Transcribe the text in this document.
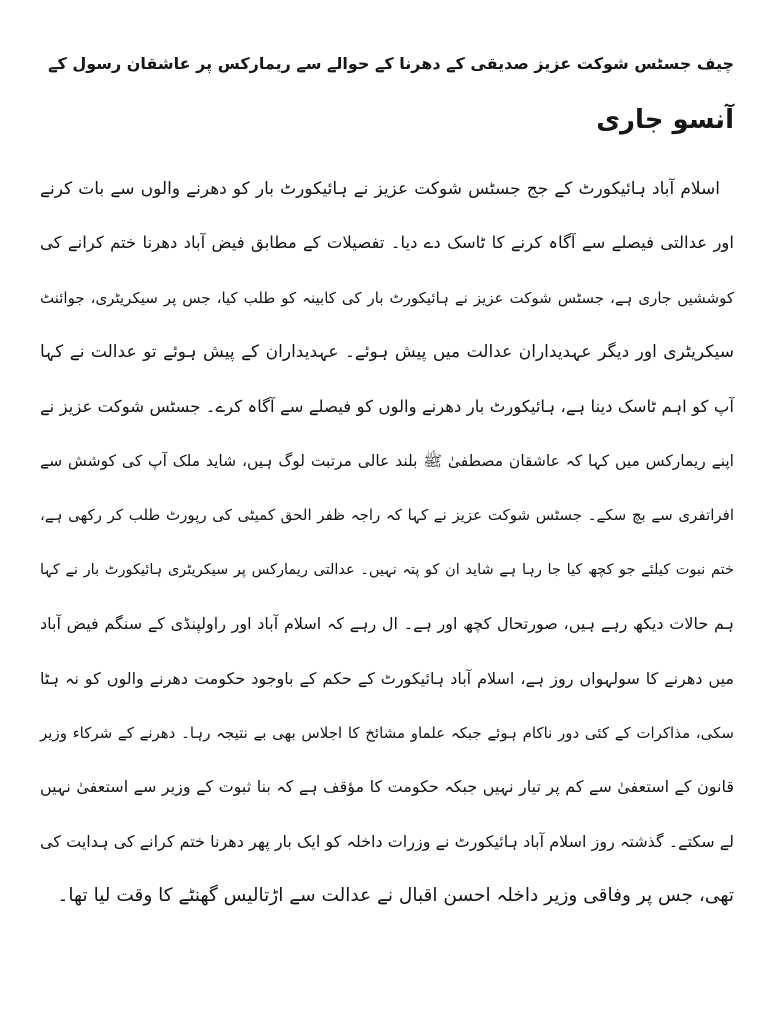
چیف جسٹس شوکت عزیز صدیقی کے دھرنا کے حوالے سے ریمارکس پر عاشقان رسول کے
آنسو جاری
اسلام آباد ہائیکورٹ کے جج جسٹس شوکت عزیز نے ہائیکورٹ بار کو دھرنے والوں سے بات کرنے
اور عدالتی فیصلے سے آگاہ کرنے کا ٹاسک دے دیا۔ تفصیلات کے مطابق فیض آباد دھرنا ختم کرانے کی
کوششیں جاری ہے، جسٹس شوکت عزیز نے ہائیکورٹ بار کی کابینہ کو طلب کیا، جس پر سیکریٹری، جوائنٹ
سیکریٹری اور دیگر عہدیداران عدالت میں پیش ہوئے۔ عہدیداران کے پیش ہوئے تو عدالت نے کہا
آپ کو اہم ٹاسک دینا ہے، ہائیکورٹ بار دھرنے والوں کو فیصلے سے آگاہ کرے۔ جسٹس شوکت عزیز نے
اپنے ریمارکس میں کہا کہ عاشقان مصطفیٰ ﷺ بلند عالی مرتبت لوگ ہیں، شاید ملک آپ کی کوشش سے
افراتفری سے بچ سکے۔ جسٹس شوکت عزیز نے کہا کہ راجہ ظفر الحق کمیٹی کی رپورٹ طلب کر رکھی ہے،
ختم نبوت کیلئے جو کچھ کیا جا رہا ہے شاید ان کو پتہ نہیں۔ عدالتی ریمارکس پر سیکریٹری ہائیکورٹ بار نے کہا
ہم حالات دیکھ رہے ہیں، صورتحال کچھ اور ہے۔ ال رہے کہ اسلام آباد اور راولپنڈی کے سنگم فیض آباد
میں دھرنے کا سولہواں روز ہے، اسلام آباد ہائیکورٹ کے حکم کے باوجود حکومت دھرنے والوں کو نہ ہٹا
سکی، مذاکرات کے کئی دور ناکام ہوئے جبکہ علماو مشائخ کا اجلاس بھی بے نتیجہ رہا۔ دھرنے کے شرکاء وزیر
قانون کے استعفیٰ سے کم پر تیار نہیں جبکہ حکومت کا مؤقف ہے کہ بنا ثبوت کے وزیر سے استعفیٰ نہیں
لے سکتے۔ گذشتہ روز اسلام آباد ہائیکورٹ نے وزرات داخلہ کو ایک بار پھر دھرنا ختم کرانے کی ہدایت کی
تھی، جس پر وفاقی وزیر داخلہ احسن اقبال نے عدالت سے اڑتالیس گھنٹے کا وقت لیا تھا۔
